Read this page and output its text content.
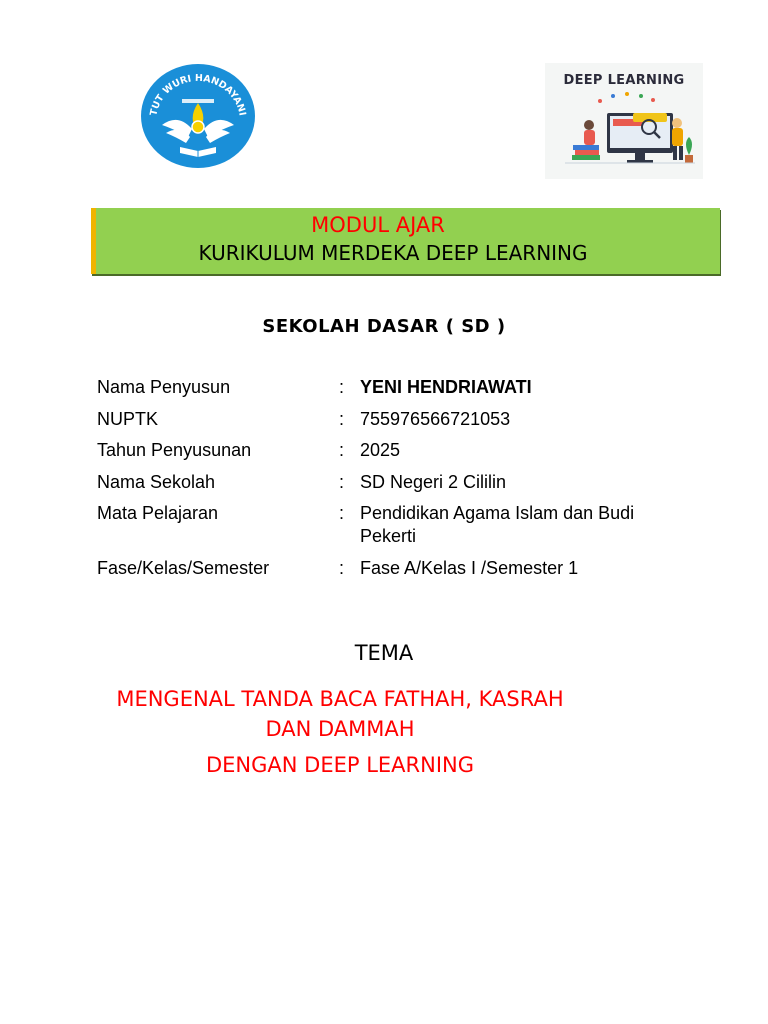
TUT WURI HANDAYANI
DEEP LEARNING
MODUL AJAR
KURIKULUM MERDEKA DEEP LEARNING
SEKOLAH DASAR ( SD )
Nama Penyusun	: YENI HENDRIAWATI
NUPTK	: 755976566721053
Tahun Penyusunan	: 2025
Nama Sekolah	: SD Negeri 2 Cililin
Mata Pelajaran	: Pendidikan Agama Islam dan Budi Pekerti
Fase/Kelas/Semester	: Fase A/Kelas I /Semester 1
TEMA
MENGENAL TANDA BACA FATHAH, KASRAH DAN DAMMAH
DENGAN DEEP LEARNING
